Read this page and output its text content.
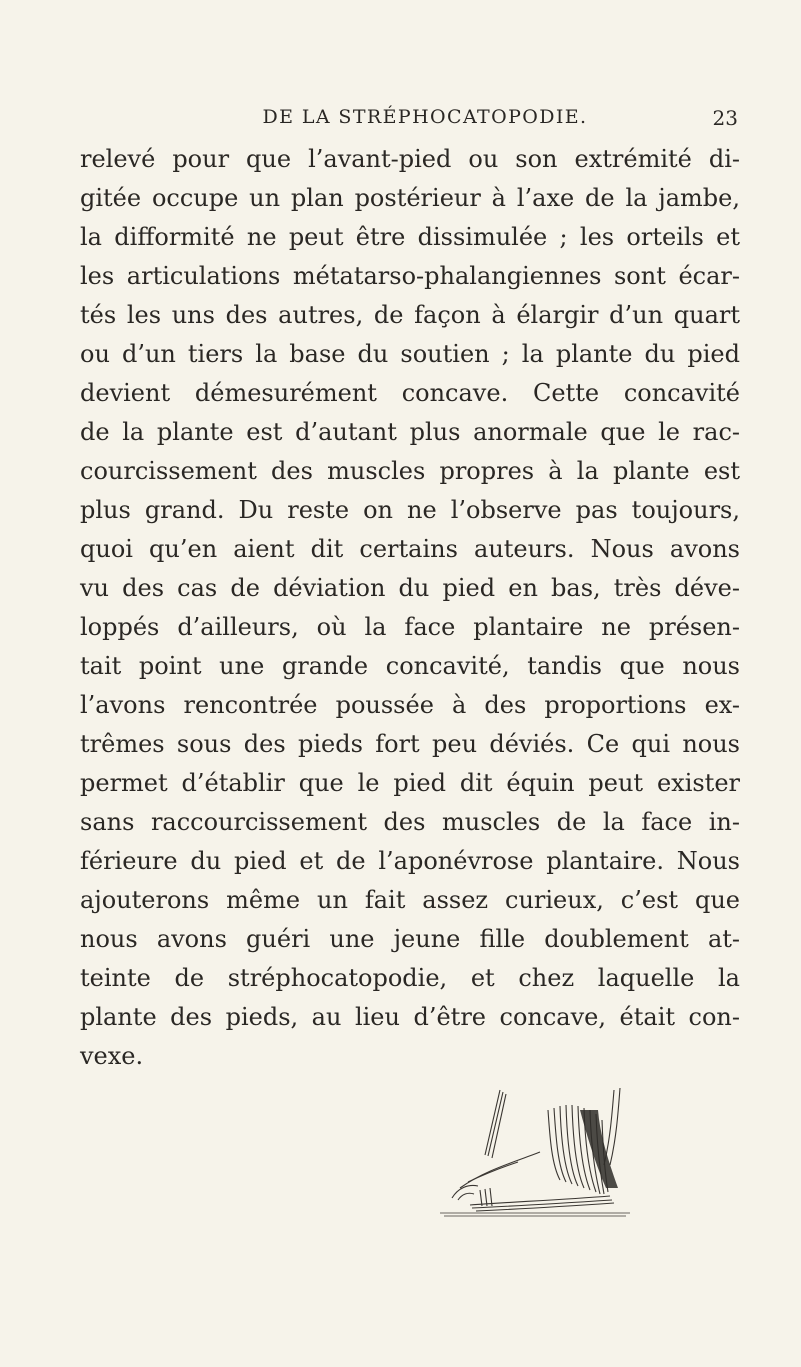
DE LA STRÉPHOCATOPODIE.	23
relevé pour que l’avant-pied ou son extrémité di-
gitée occupe un plan postérieur à l’axe de la jambe,
la difformité ne peut être dissimulée ; les orteils et
les articulations métatarso-phalangiennes sont écar-
tés les uns des autres, de façon à élargir d’un quart
ou d’un tiers la base du soutien ; la plante du pied
devient démesurément concave. Cette concavité
de la plante est d’autant plus anormale que le rac-
courcissement des muscles propres à la plante est
plus grand. Du reste on ne l’observe pas toujours,
quoi qu’en aient dit certains auteurs. Nous avons
vu des cas de déviation du pied en bas, très déve-
loppés d’ailleurs, où la face plantaire ne présen-
tait point une grande concavité, tandis que nous
l’avons rencontrée poussée à des proportions ex-
trêmes sous des pieds fort peu déviés. Ce qui nous
permet d’établir que le pied dit équin peut exister
sans raccourcissement des muscles de la face in-
férieure du pied et de l’aponévrose plantaire. Nous
ajouterons même un fait assez curieux, c’est que
nous avons guéri une jeune fille doublement at-
teinte de stréphocatopodie, et chez laquelle la
plante des pieds, au lieu d’être concave, était con-
vexe.
